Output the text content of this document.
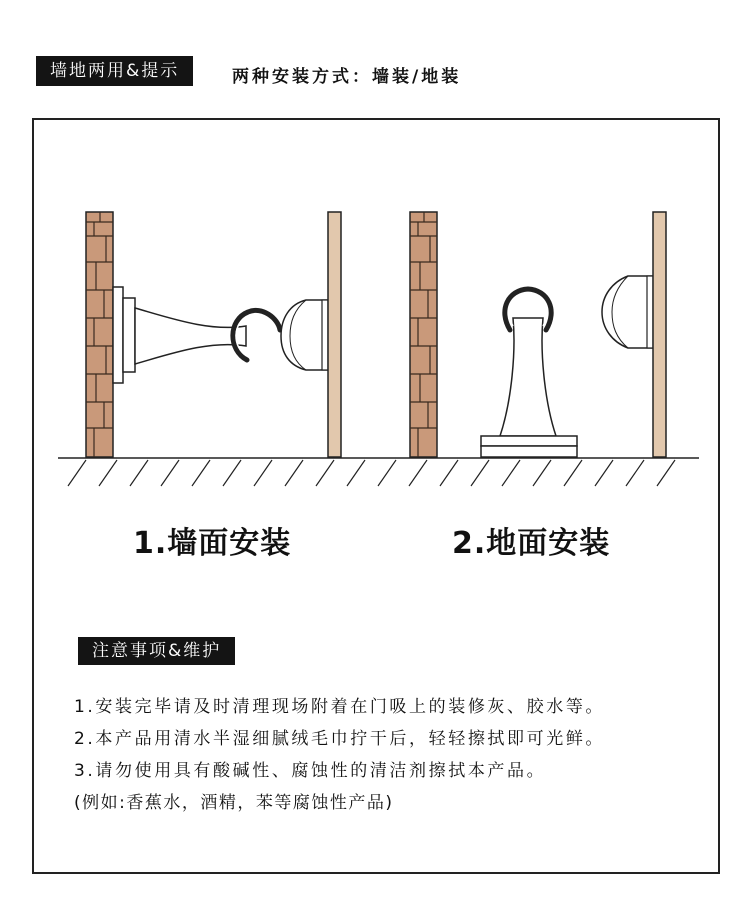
墙地两用&提示	两种安装方式：墙装/地装
1.墙面安装	2.地面安装
注意事项&维护
1.安装完毕请及时清理现场附着在门吸上的装修灰、胶水等。
2.本产品用清水半湿细腻绒毛巾拧干后，轻轻擦拭即可光鲜。
3.请勿使用具有酸碱性、腐蚀性的清洁剂擦拭本产品。
(例如:香蕉水，酒精，苯等腐蚀性产品)
